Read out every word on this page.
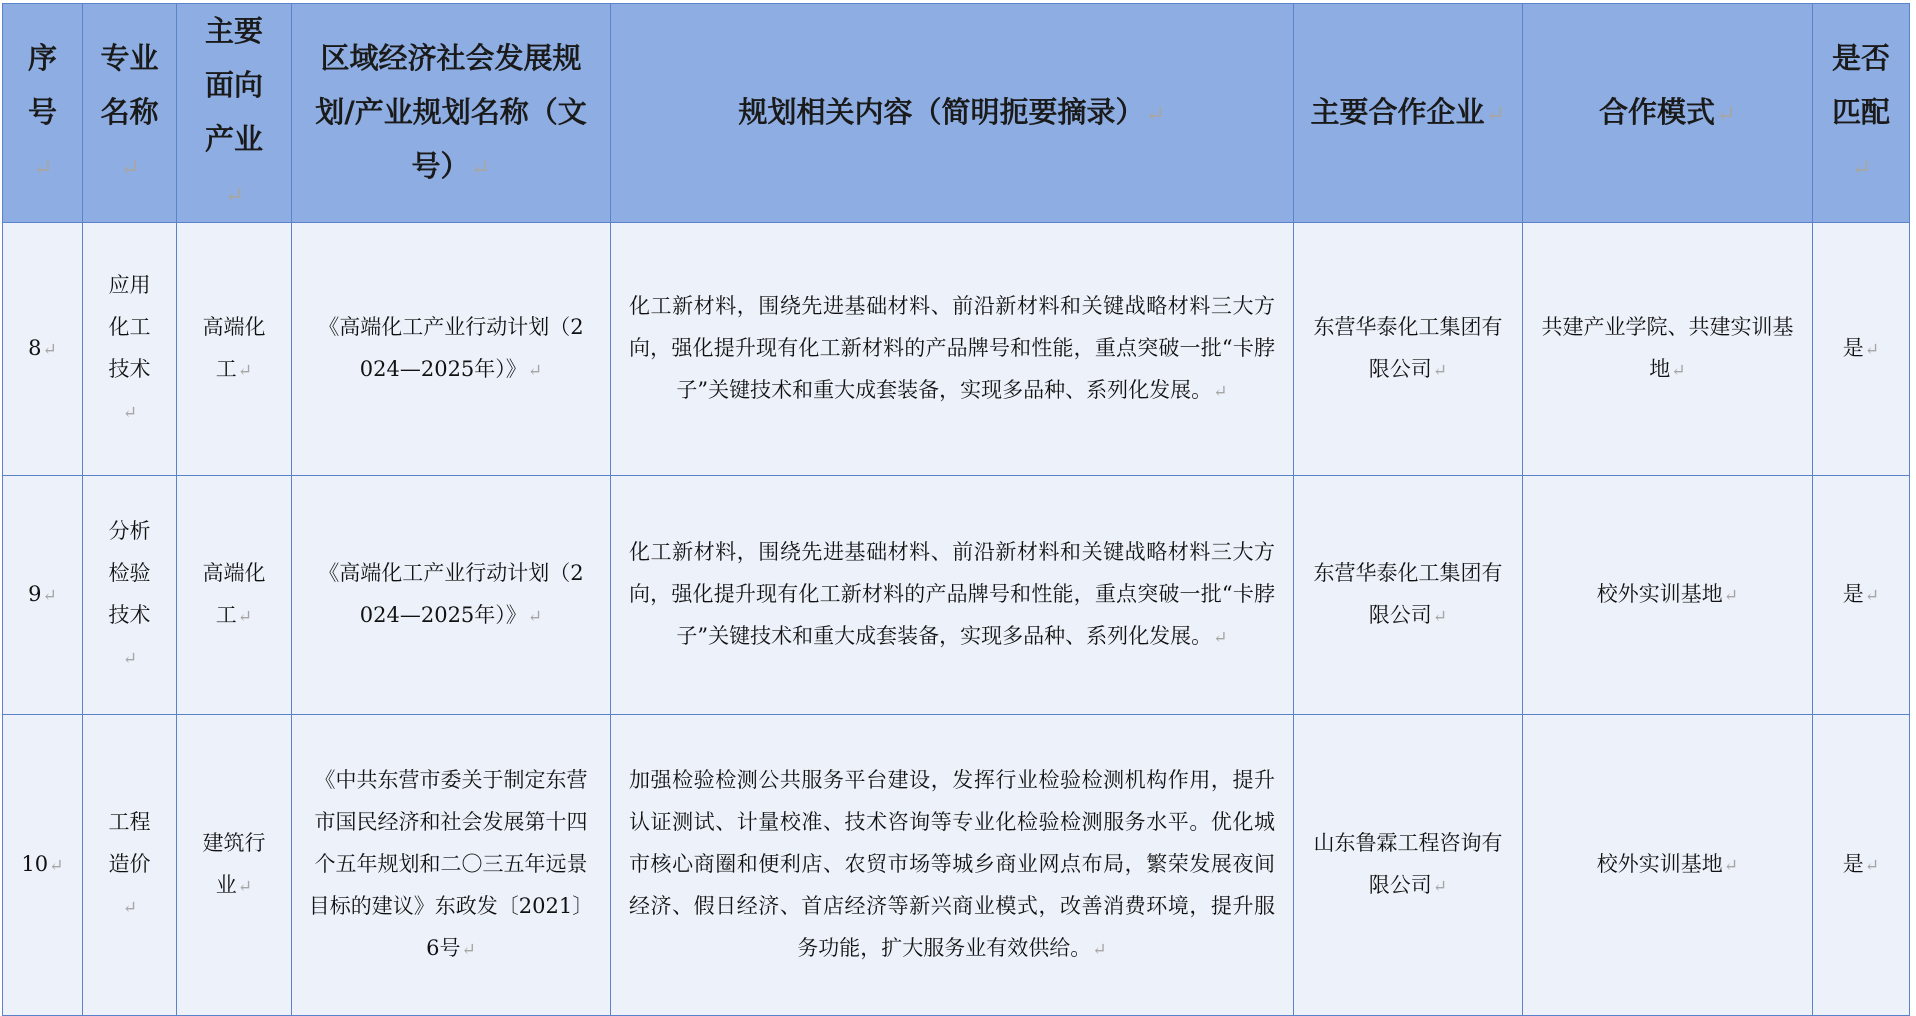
序号↵	专业名称↵	主要面向产业↵	区域经济社会发展规划/产业规划名称（文号）↵	规划相关内容（简明扼要摘录）↵	主要合作企业↵	合作模式↵	是否匹配↵

8↵	应用化工技术↵	高端化工↵	《高端化工产业行动计划（2024—2025年）》↵	化工新材料，围绕先进基础材料、前沿新材料和关键战略材料三大方向，强化提升现有化工新材料的产品牌号和性能，重点突破一批“卡脖子”关键技术和重大成套装备，实现多品种、系列化发展。↵	东营华泰化工集团有限公司↵	共建产业学院、共建实训基地↵	是↵
9↵	分析检验技术↵	高端化工↵	《高端化工产业行动计划（2024—2025年）》↵	化工新材料，围绕先进基础材料、前沿新材料和关键战略材料三大方向，强化提升现有化工新材料的产品牌号和性能，重点突破一批“卡脖子”关键技术和重大成套装备，实现多品种、系列化发展。↵	东营华泰化工集团有限公司↵	校外实训基地↵	是↵
10↵	工程造价↵	建筑行业↵	《中共东营市委关于制定东营市国民经济和社会发展第十四个五年规划和二〇三五年远景目标的建议》东政发〔2021〕6号↵	加强检验检测公共服务平台建设，发挥行业检验检测机构作用，提升认证测试、计量校准、技术咨询等专业化检验检测服务水平。优化城市核心商圈和便利店、农贸市场等城乡商业网点布局，繁荣发展夜间经济、假日经济、首店经济等新兴商业模式，改善消费环境，提升服务功能，扩大服务业有效供给。↵	山东鲁霖工程咨询有限公司↵	校外实训基地↵	是↵
